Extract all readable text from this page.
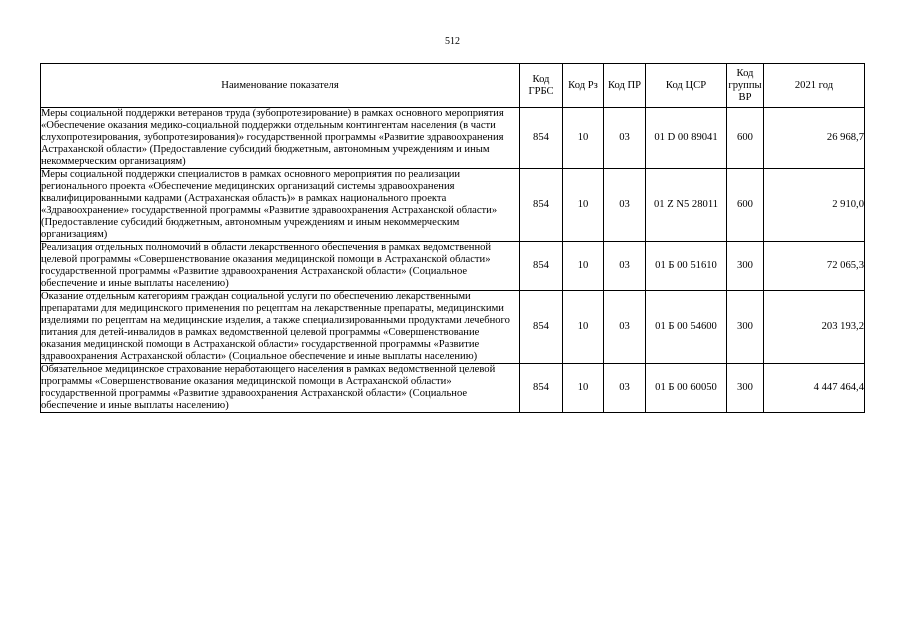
512
Наименование показателя	Код ГРБС	Код Рз	Код ПР	Код ЦСР	Код группы ВР	2021 год
Меры социальной поддержки ветеранов труда (зубопротезирование) в рамках основного мероприятия «Обеспечение оказания медико-социальной поддержки отдельным контингентам населения (в части слухопротезирования, зубопротезирования)» государственной программы «Развитие здравоохранения Астраханской области» (Предоставление субсидий бюджетным, автономным учреждениям и иным некоммерческим организациям)	854	10	03	01 D 00 89041	600	26 968,7
Меры социальной поддержки специалистов в рамках основного мероприятия по реализации регионального проекта «Обеспечение медицинских организаций системы здравоохранения квалифицированными кадрами (Астраханская область)» в рамках национального проекта «Здравоохранение» государственной программы «Развитие здравоохранения Астраханской области» (Предоставление субсидий бюджетным, автономным учреждениям и иным некоммерческим организациям)	854	10	03	01 Z N5 28011	600	2 910,0
Реализация отдельных полномочий в области лекарственного обеспечения в рамках ведомственной целевой программы «Совершенствование оказания медицинской помощи в Астраханской области» государственной программы «Развитие здравоохранения Астраханской области» (Социальное обеспечение и иные выплаты населению)	854	10	03	01 Б 00 51610	300	72 065,3
Оказание отдельным категориям граждан социальной услуги по обеспечению лекарственными препаратами для медицинского применения по рецептам на лекарственные препараты, медицинскими изделиями по рецептам на медицинские изделия, а также специализированными продуктами лечебного питания для детей-инвалидов в рамках ведомственной целевой программы «Совершенствование оказания медицинской помощи в Астраханской области» государственной программы «Развитие здравоохранения Астраханской области» (Социальное обеспечение и иные выплаты населению)	854	10	03	01 Б 00 54600	300	203 193,2
Обязательное медицинское страхование неработающего населения в рамках ведомственной целевой программы «Совершенствование оказания медицинской помощи в Астраханской области» государственной программы «Развитие здравоохранения Астраханской области» (Социальное обеспечение и иные выплаты населению)	854	10	03	01 Б 00 60050	300	4 447 464,4
